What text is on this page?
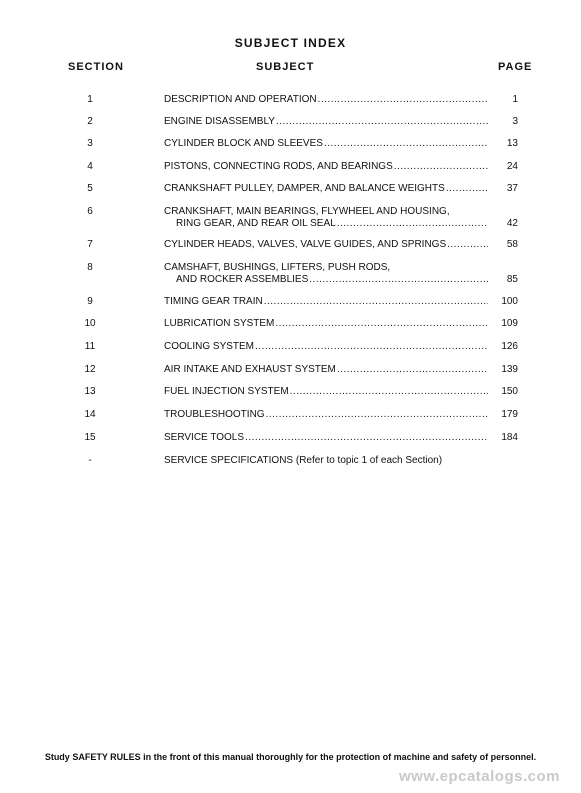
SUBJECT INDEX
SECTION	SUBJECT	PAGE
1	DESCRIPTION AND OPERATION .....	1
2	ENGINE DISASSEMBLY .....	3
3	CYLINDER BLOCK AND SLEEVES .....	13
4	PISTONS, CONNECTING RODS, AND BEARINGS .....	24
5	CRANKSHAFT PULLEY, DAMPER, AND BALANCE WEIGHTS .....	37
6	CRANKSHAFT, MAIN BEARINGS, FLYWHEEL AND HOUSING,
RING GEAR, AND REAR OIL SEAL .....	42
7	CYLINDER HEADS, VALVES, VALVE GUIDES, AND SPRINGS .....	58
8	CAMSHAFT, BUSHINGS, LIFTERS, PUSH RODS,
AND ROCKER ASSEMBLIES .....	85
9	TIMING GEAR TRAIN .....	100
10	LUBRICATION SYSTEM .....	109
11	COOLING SYSTEM .....	126
12	AIR INTAKE AND EXHAUST SYSTEM .....	139
13	FUEL INJECTION SYSTEM .....	150
14	TROUBLESHOOTING .....	179
15	SERVICE TOOLS .....	184
-	SERVICE SPECIFICATIONS (Refer to topic 1 of each Section)
Study SAFETY RULES in the front of this manual thoroughly for the protection of machine and safety of personnel.
www.epcatalogs.com
